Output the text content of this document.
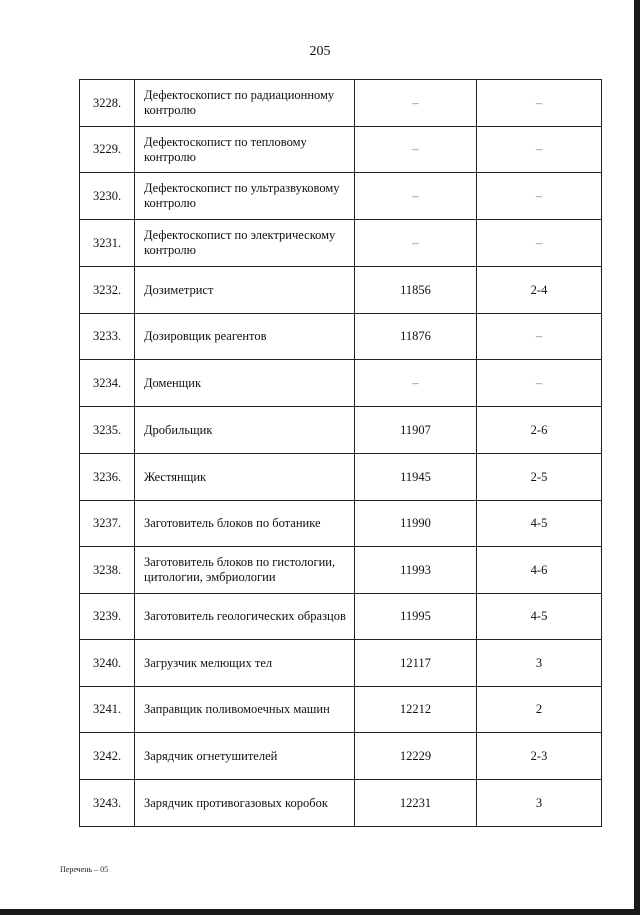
205
3228.	Дефектоскопист по радиационному контролю	–	–
3229.	Дефектоскопист по тепловому контролю	–	–
3230.	Дефектоскопист по ультразвуковому контролю	–	–
3231.	Дефектоскопист по электрическому контролю	–	–
3232.	Дозиметрист	11856	2-4
3233.	Дозировщик реагентов	11876	–
3234.	Доменщик	–	–
3235.	Дробильщик	11907	2-6
3236.	Жестянщик	11945	2-5
3237.	Заготовитель блоков по ботанике	11990	4-5
3238.	Заготовитель блоков по гистологии, цитологии, эмбриологии	11993	4-6
3239.	Заготовитель геологических образцов	11995	4-5
3240.	Загрузчик мелющих тел	12117	3
3241.	Заправщик поливомоечных машин	12212	2
3242.	Зарядчик огнетушителей	12229	2-3
3243.	Зарядчик противогазовых коробок	12231	3
Перечень – 05
